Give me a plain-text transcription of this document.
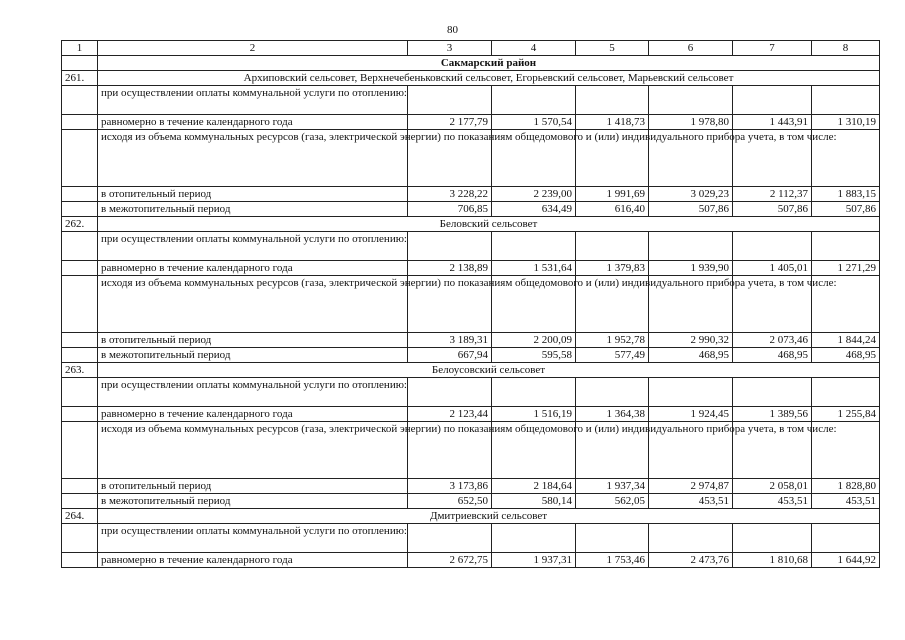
80
1	2	3	4	5	6	7	8
	Сакмарский район						
261.	Архиповский сельсовет, Верхнечебеньковский сельсовет, Егорьевский сельсовет, Марьевский сельсовет						
	при осуществлении оплаты коммунальной услуги по отоплению:						
	равномерно в течение календарного года	2 177,79	1 570,54	1 418,73	1 978,80	1 443,91	1 310,19
	исходя из объема коммунальных ресурсов (газа, электрической энергии) по показаниям общедомового и (или) индивидуального прибора учета, в том числе:						
	в отопительный период	3 228,22	2 239,00	1 991,69	3 029,23	2 112,37	1 883,15
	в межотопительный период	706,85	634,49	616,40	507,86	507,86	507,86
262.	Беловский сельсовет						
	при осуществлении оплаты коммунальной услуги по отоплению:						
	равномерно в течение календарного года	2 138,89	1 531,64	1 379,83	1 939,90	1 405,01	1 271,29
	исходя из объема коммунальных ресурсов (газа, электрической энергии) по показаниям общедомового и (или) индивидуального прибора учета, в том числе:						
	в отопительный период	3 189,31	2 200,09	1 952,78	2 990,32	2 073,46	1 844,24
	в межотопительный период	667,94	595,58	577,49	468,95	468,95	468,95
263.	Белоусовский сельсовет						
	при осуществлении оплаты коммунальной услуги по отоплению:						
	равномерно в течение календарного года	2 123,44	1 516,19	1 364,38	1 924,45	1 389,56	1 255,84
	исходя из объема коммунальных ресурсов (газа, электрической энергии) по показаниям общедомового и (или) индивидуального прибора учета, в том числе:						
	в отопительный период	3 173,86	2 184,64	1 937,34	2 974,87	2 058,01	1 828,80
	в межотопительный период	652,50	580,14	562,05	453,51	453,51	453,51
264.	Дмитриевский сельсовет						
	при осуществлении оплаты коммунальной услуги по отоплению:						
	равномерно в течение календарного года	2 672,75	1 937,31	1 753,46	2 473,76	1 810,68	1 644,92
